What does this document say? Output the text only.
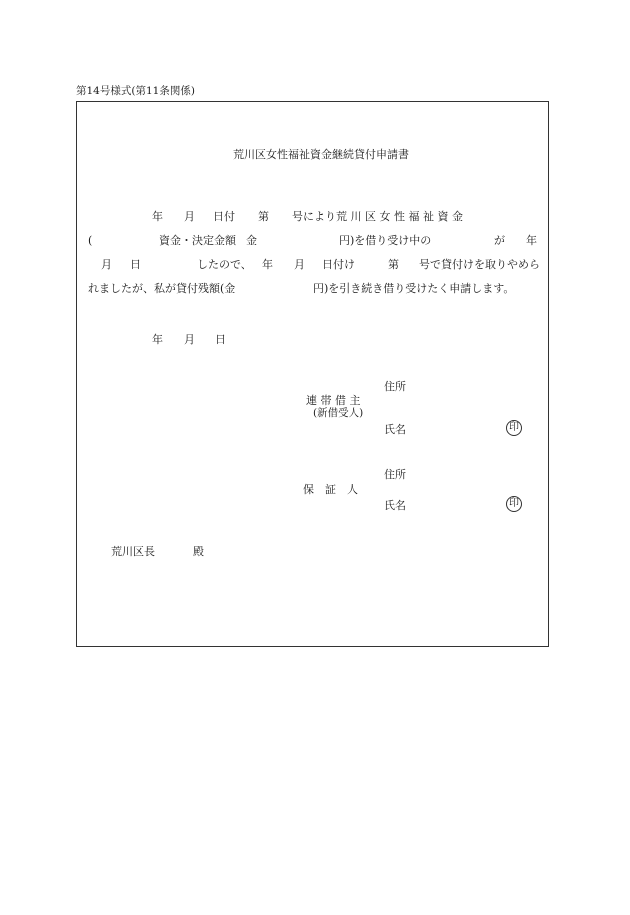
第14号様式(第11条関係)
荒川区女性福祉資金継続貸付申請書
年 月 日付 第 号により荒 川 区 女 性 福 祉 資 金
(	資金・決定金額 金	円)を借り受け中の	が 年
月 日	したので、 年 月 日付け	第 号で貸付けを取りやめら
れましたが、私が貸付残額(金	円)を引き続き借り受けたく申請します。
年 月 日
住所
連 帯 借 主
(新借受人)
氏名	印
住所
保　証　人
氏名	印
荒川区長	殿
